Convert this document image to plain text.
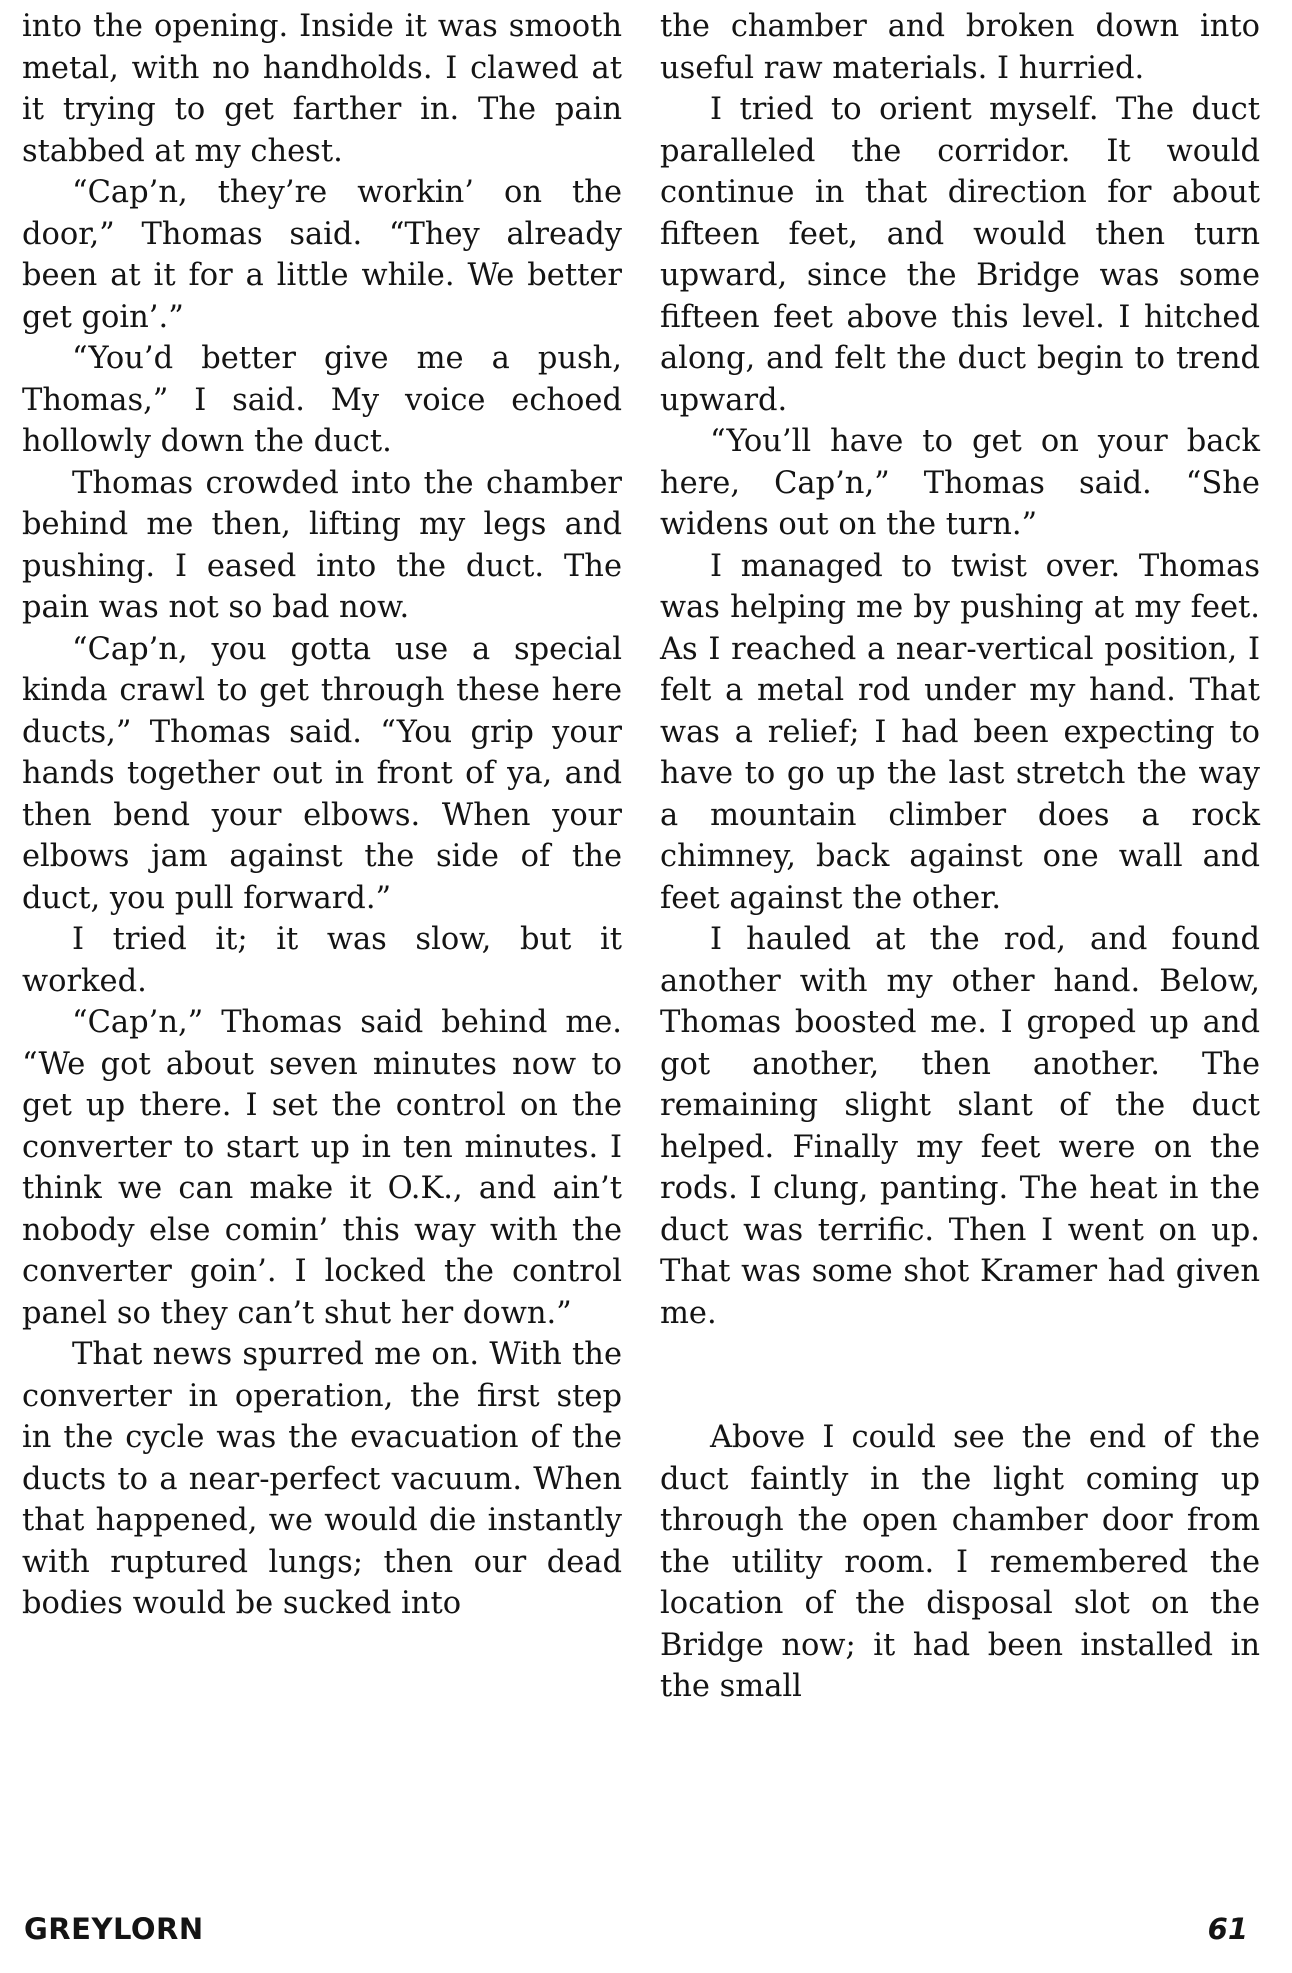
into the opening. Inside it was smooth metal, with no handholds. I clawed at it trying to get farther in. The pain stabbed at my chest.

“Cap’n, they’re workin’ on the door,” Thomas said. “They already been at it for a little while. We better get goin’.”

“You’d better give me a push, Thomas,” I said. My voice echoed hollowly down the duct.

Thomas crowded into the chamber behind me then, lifting my legs and pushing. I eased into the duct. The pain was not so bad now.

“Cap’n, you gotta use a special kinda crawl to get through these here ducts,” Thomas said. “You grip your hands together out in front of ya, and then bend your elbows. When your elbows jam against the side of the duct, you pull forward.”

I tried it; it was slow, but it worked.

“Cap’n,” Thomas said behind me. “We got about seven minutes now to get up there. I set the control on the converter to start up in ten minutes. I think we can make it O.K., and ain’t nobody else comin’ this way with the converter goin’. I locked the control panel so they can’t shut her down.”

That news spurred me on. With the converter in operation, the first step in the cycle was the evacuation of the ducts to a near-perfect vacuum. When that happened, we would die instantly with ruptured lungs; then our dead bodies would be sucked into

the chamber and broken down into useful raw materials. I hurried.

I tried to orient myself. The duct paralleled the corridor. It would continue in that direction for about fifteen feet, and would then turn upward, since the Bridge was some fifteen feet above this level. I hitched along, and felt the duct begin to trend upward.

“You’ll have to get on your back here, Cap’n,” Thomas said. “She widens out on the turn.”

I managed to twist over. Thomas was helping me by pushing at my feet. As I reached a near-vertical position, I felt a metal rod under my hand. That was a relief; I had been expecting to have to go up the last stretch the way a mountain climber does a rock chimney, back against one wall and feet against the other.

I hauled at the rod, and found another with my other hand. Below, Thomas boosted me. I groped up and got another, then another. The remaining slight slant of the duct helped. Finally my feet were on the rods. I clung, panting. The heat in the duct was terrific. Then I went on up. That was some shot Kramer had given me.

Above I could see the end of the duct faintly in the light coming up through the open chamber door from the utility room. I remembered the location of the disposal slot on the Bridge now; it had been installed in the small

GREYLORN	61
